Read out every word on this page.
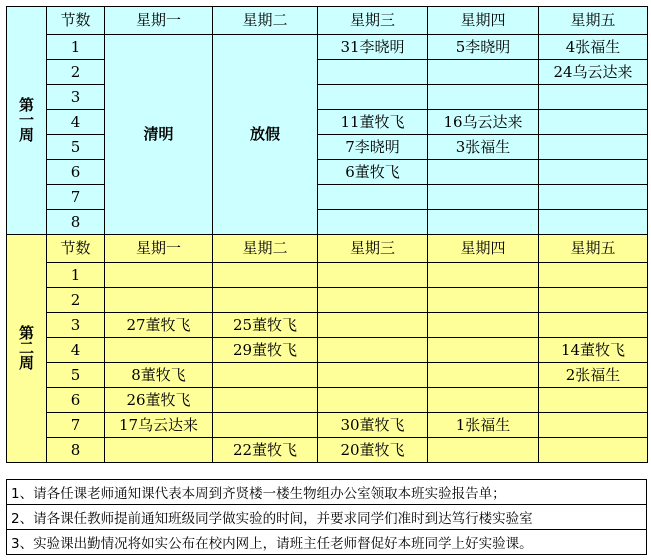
第
一
周	节数	星期一	星期二	星期三	星期四	星期五
	1	清明	放假	31李晓明	5李晓明	4张福生
	2					24乌云达来
	3					
	4			11董牧飞	16乌云达来	
	5			7李晓明	3张福生	
	6			6董牧飞		
	7					
	8					

第
二
周	节数	星期一	星期二	星期三	星期四	星期五
	1					
	2					
	3	27董牧飞	25董牧飞			
	4		29董牧飞			14董牧飞
	5	8董牧飞				2张福生
	6	26董牧飞				
	7	17乌云达来		30董牧飞	1张福生	
	8		22董牧飞	20董牧飞		
1、请各任课老师通知课代表本周到齐贤楼一楼生物组办公室领取本班实验报告单；
2、请各课任教师提前通知班级同学做实验的时间，并要求同学们准时到达笃行楼实验室
3、实验课出勤情况将如实公布在校内网上，请班主任老师督促好本班同学上好实验课。
